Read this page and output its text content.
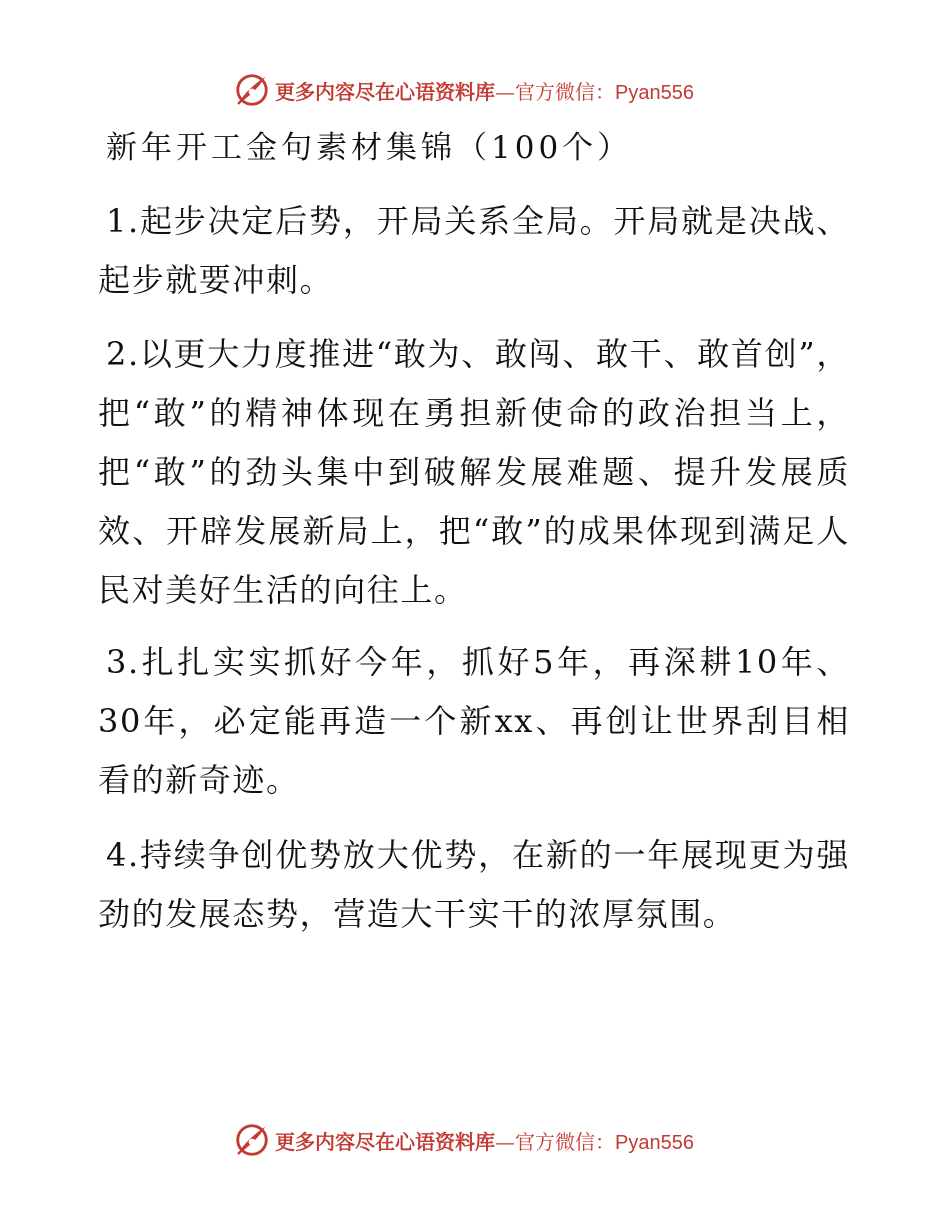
更多内容尽在心语资料库—官方微信：Pyan556
新年开工金句素材集锦（100个）
1.起步决定后势，开局关系全局。开局就是决战、起步就要冲刺。
2.以更大力度推进“敢为、敢闯、敢干、敢首创”，把“敢”的精神体现在勇担新使命的政治担当上，把“敢”的劲头集中到破解发展难题、提升发展质效、开辟发展新局上，把“敢”的成果体现到满足人民对美好生活的向往上。
3.扎扎实实抓好今年，抓好5年，再深耕10年、30年，必定能再造一个新xx、再创让世界刮目相看的新奇迹。
4.持续争创优势放大优势，在新的一年展现更为强劲的发展态势，营造大干实干的浓厚氛围。
更多内容尽在心语资料库—官方微信：Pyan556
